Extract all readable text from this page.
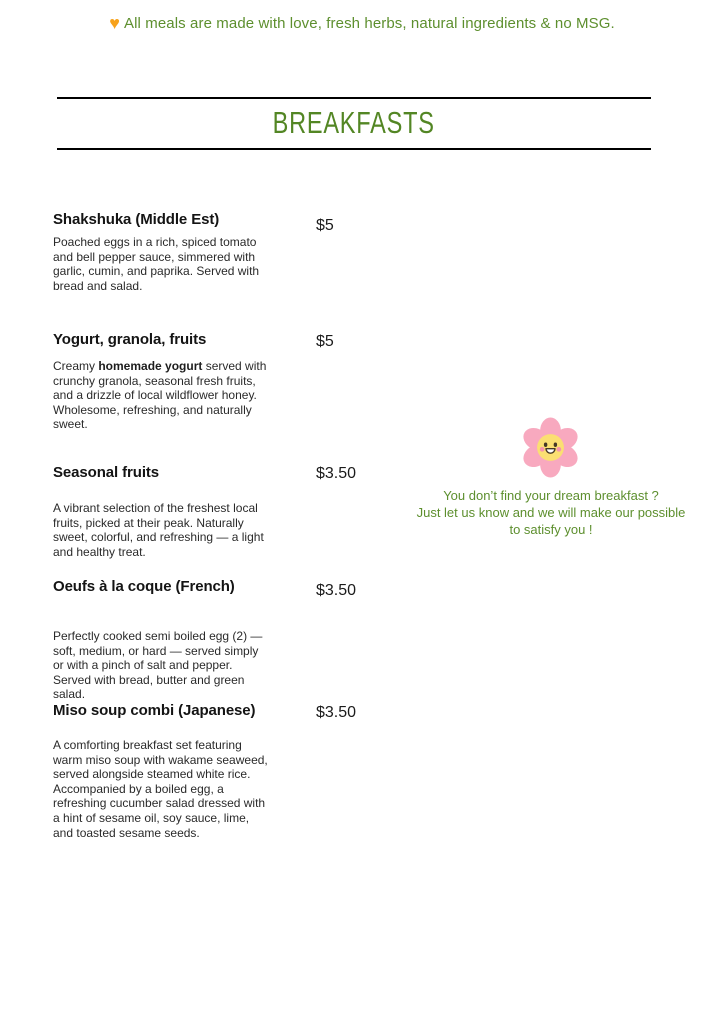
♥ All meals are made with love, fresh herbs, natural ingredients & no MSG.
BREAKFASTS
Shakshuka (Middle Est)
Poached eggs in a rich, spiced tomato and bell pepper sauce, simmered with garlic, cumin, and paprika. Served with bread and salad.
$5
Yogurt, granola, fruits
Creamy homemade yogurt served with crunchy granola, seasonal fresh fruits, and a drizzle of local wildflower honey. Wholesome, refreshing, and naturally sweet.
$5
Seasonal fruits
A vibrant selection of the freshest local fruits, picked at their peak. Naturally sweet, colorful, and refreshing — a light and healthy treat.
$3.50
Oeufs à la coque (French)
Perfectly cooked semi boiled egg (2) — soft, medium, or hard — served simply or with a pinch of salt and pepper. Served with bread, butter and green salad.
$3.50
Miso soup combi (Japanese)
A comforting breakfast set featuring warm miso soup with wakame seaweed, served alongside steamed white rice. Accompanied by a boiled egg, a refreshing cucumber salad dressed with a hint of sesame oil, soy sauce, lime, and toasted sesame seeds.
$3.50
You don’t find your dream breakfast ?
Just let us know and we will make our possible
to satisfy you !
